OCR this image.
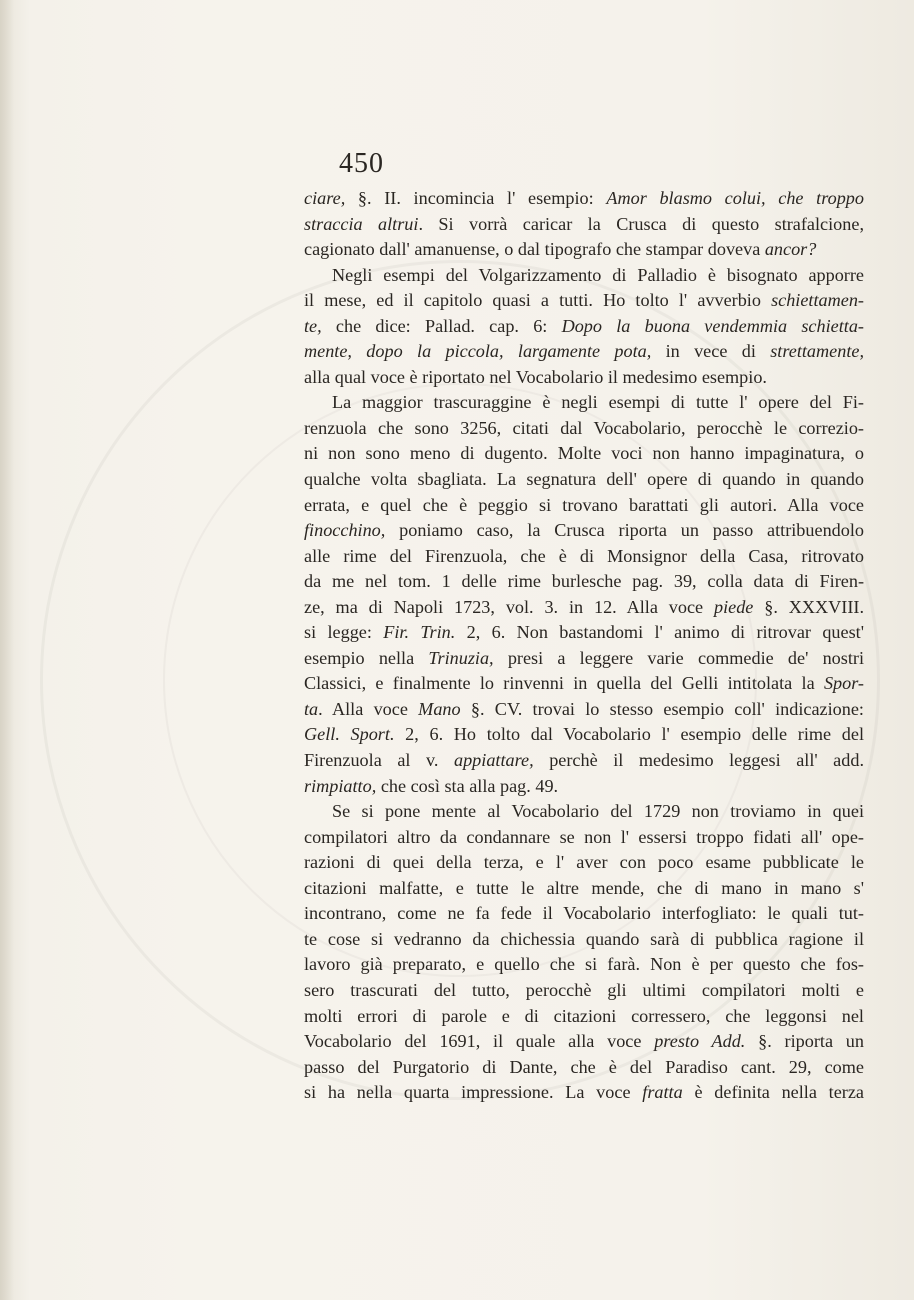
450
ciare, §. II. incomincia l' esempio: Amor blasmo colui, che troppo
straccia altrui. Si vorrà caricar la Crusca di questo strafalcione,
cagionato dall' amanuense, o dal tipografo che stampar doveva ancor?
Negli esempi del Volgarizzamento di Palladio è bisognato apporre
il mese, ed il capitolo quasi a tutti. Ho tolto l' avverbio schiettamen-
te, che dice: Pallad. cap. 6: Dopo la buona vendemmia schietta-
mente, dopo la piccola, largamente pota, in vece di strettamente,
alla qual voce è riportato nel Vocabolario il medesimo esempio.
La maggior trascuraggine è negli esempi di tutte l' opere del Fi-
renzuola che sono 3256, citati dal Vocabolario, perocchè le correzio-
ni non sono meno di dugento. Molte voci non hanno impaginatura, o
qualche volta sbagliata. La segnatura dell' opere di quando in quando
errata, e quel che è peggio si trovano barattati gli autori. Alla voce
finocchino, poniamo caso, la Crusca riporta un passo attribuendolo
alle rime del Firenzuola, che è di Monsignor della Casa, ritrovato
da me nel tom. 1 delle rime burlesche pag. 39, colla data di Firen-
ze, ma di Napoli 1723, vol. 3. in 12. Alla voce piede §. XXXVIII.
si legge: Fir. Trin. 2, 6. Non bastandomi l' animo di ritrovar quest'
esempio nella Trinuzia, presi a leggere varie commedie de' nostri
Classici, e finalmente lo rinvenni in quella del Gelli intitolata la Spor-
ta. Alla voce Mano §. CV. trovai lo stesso esempio coll' indicazione:
Gell. Sport. 2, 6. Ho tolto dal Vocabolario l' esempio delle rime del
Firenzuola al v. appiattare, perchè il medesimo leggesi all' add.
rimpiatto, che così sta alla pag. 49.
Se si pone mente al Vocabolario del 1729 non troviamo in quei
compilatori altro da condannare se non l' essersi troppo fidati all' ope-
razioni di quei della terza, e l' aver con poco esame pubblicate le
citazioni malfatte, e tutte le altre mende, che di mano in mano s'
incontrano, come ne fa fede il Vocabolario interfogliato: le quali tut-
te cose si vedranno da chichessia quando sarà di pubblica ragione il
lavoro già preparato, e quello che si farà. Non è per questo che fos-
sero trascurati del tutto, perocchè gli ultimi compilatori molti e
molti errori di parole e di citazioni corressero, che leggonsi nel
Vocabolario del 1691, il quale alla voce presto Add. §. riporta un
passo del Purgatorio di Dante, che è del Paradiso cant. 29, come
si ha nella quarta impressione. La voce fratta è definita nella terza
